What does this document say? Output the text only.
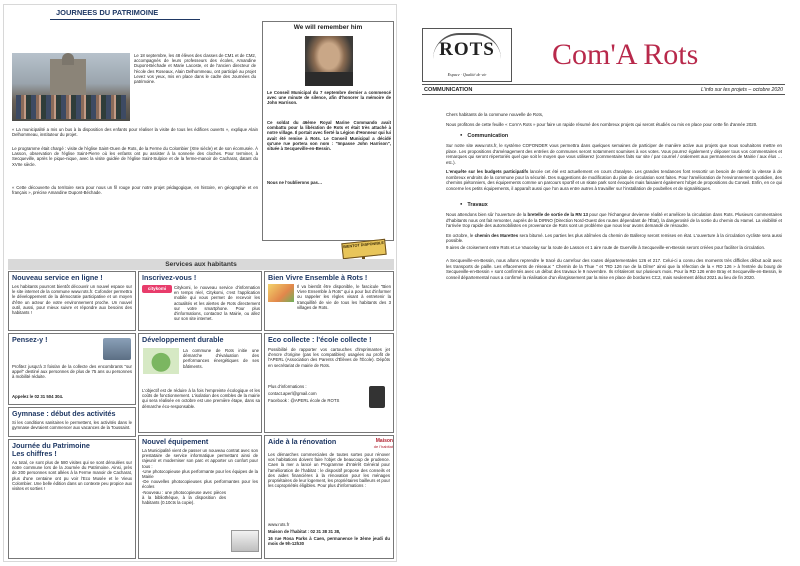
JOURNEES DU PATRIMOINE

Le 18 septembre, les 48 élèves des classes de CM1 et de CM2, accompagnés de leurs professeurs des écoles, Amandine Dupont-Béchade et Marie Lacoste, et de l'ancien directeur de l'école des Roseaux, Alain Delhommeau, ont participé au projet Levez vos yeux, mis en place dans le cadre des Journées du patrimoine.

« La municipalité a mis un bus à la disposition des enfants pour réaliser la visite de tous les édifices ouverts », explique Alain Delhommeau, instituteur du projet.

Le programme était chargé : visite de l'église Saint-Ouen de Rots, de la Ferme du Colombier (XIIe siècle) et de son écomusée. À Lasson, observation de l'église Saint-Pierre où les enfants ont pu assister à la sonnerie des cloches. Pour terminer, à Secqueville, après le pique-nique, avec la visite guidée de l'église Saint-Sulpice et de la ferme-manoir de Cacharat, datant du XVIIe siècle.

« Cette découverte du territoire sera pour nous un fil rouge pour notre projet pédagogique, en histoire, en géographie et en français », précise Amandine Dupont-Béchade.

We will remember him

Le Conseil Municipal du 7 septembre dernier a commencé avec une minute de silence, afin d'honorer la mémoire de John Harrison.

Ce soldat du 46ème Royal Marine Commando avait combattu pour la libération de Rots et était très attaché à notre village. Il portait avec fierté la Légion d'Honneur qui lui avait été remise à Rots. Le Conseil Municipal a décidé qu'une rue portera son nom : "Impasse John Harrison", située à Secqueville-en-Bessin.

Nous ne l'oublierons pas…

BIENTOT DISPONIBLE
Services aux habitants
Nouveau service en ligne !

Les habitants pourront bientôt découvrir un nouvel espace sur le site internet de la commune www.rots.fr. Cofonder permettra le développement de la démocratie participative et un moyen d'être un acteur de votre environnement proche. Un nouvel outil, aussi, pour mieux suivre et répondre aux besoins des habitants !

Inscrivez-vous !
citykomi	Citykomi, le nouveau service d'information en temps réel, Citykomi, c'est l'application mobile qui vous permet de recevoir les actualités et les alertes de Rots directement sur votre smartphone. Pour plus d'informations, contactez la Mairie, ou allez sur son site internet.

Bien Vivre Ensemble à Rots !

Il va bientôt être disponible, le fascicule "Bien Vivre Ensemble à Rots" qui a pour but d'informer ou rappeler les règles visant à entretenir la tranquillité de vie de tous les habitants des 3 villages de Rots.

Pensez-y !

Profitez jusqu'à 3 fois/an de la collecte des encombrants "sur appel" destiné aux personnes de plus de 75 ans ou personnes à mobilité réduite.

Appelez le 02 31 504 304.

Développement durable

La commune de Rots initie une démarche d'évaluation des performances énergétiques de ses bâtiments.

L'objectif est de réduire à la fois l'empreinte écologique et les coûts de fonctionnement. L'isolation des combles de la mairie qui sera réalisée en octobre est une première étape, dans sa démarche éco-responsable.

Eco collecte : l'école collecte !

Possibilité de rapporter vos cartouches d'imprimantes jet d'encre d'origine (pas les compatibles) usagées au profit de l'APERL (Association des Parents d'Élèves de l'École). Dépôts en secrétariat de mairie de Rots.

Plus d'informations :

contact.aperl@gmail.com

Facebook : @APERL école de ROTS

Gymnase : début des activités

Si les conditions sanitaires le permettent, les activités dans le gymnase devraient commencer aux vacances de la Toussaint.

Journée du Patrimoine
Les chiffres !

Au total, ce sont plus de 580 visites qui se sont déroulées sur notre commune lors de la Journée du Patrimoine. Ainsi, près de 200 personnes sont allées à la Ferme manoir de Cacharat, plus d'une centaine ont pu voir l'Eco Musée et le Vieux Colombier. Une belle édition dans un contexte peu propice aux visites et sorties !

Nouvel équipement

La Municipalité vient de passer un nouveau contrat avec son prestataire de service informatique permettant ainsi de rajeunir et moderniser son parc et apporter un confort pour tous :

-Une photocopieuse plus performante pour les équipes de la Mairie

-De nouvelles photocopieuses plus performantes pour les écoles

-Nouveau : une photocopieuse avec pièces à la bibliothèque, à la disposition des habitants (0.10cts la copie).

Aide à la rénovation	Maison
de l'habitat

Les démarches commerciales de toutes sortes pour rénover vos habitations doivent faire l'objet de beaucoup de prudence. Caen la mer a lancé un Programme d'Intérêt Général pour l'amélioration de l'habitat : le dispositif propose des conseils et des aides financières à la rénovation pour les ménages propriétaires de leur logement, les propriétaires bailleurs et pour les copropriétés éligibles. Pour plus d'informations :

www.rots.fr

Maison de l'habitat : 02 31 38 31 38,

16 rue Rosa Parks à Caen, permanence le 3ème jeudi du mois de 9h-12h30

ROTS
Espace · Qualité de vie
Com'A Rots
COMMUNICATION	L'info sur les projets – octobre 2020

Chers habitants de la commune nouvelle de Rots,

Nous profitons de cette feuille « Com'A Rots » pour faire un rapide résumé des nombreux projets qui seront étudiés ou mis en place pour cette fin d'année 2020.

● Communication

Sur notre site www.rots.fr, le système COFONDER vous permettra dans quelques semaines de participer de manière active aux projets que nous souhaitons mettre en place. Les propositions d'aménagement des entrées de communes seront notamment soumises à vos votes. Vous pourrez également y déposer tous vos commentaires et remarques qui seront répertoriés quel que soit le moyen que vous utiliserez (commentaires faits sur site / par courriel / oralement aux permanences de Mairie / aux élus …etc.).

L'enquête sur les budgets participatifs lancée cet été est actuellement en cours d'analyse. Les grandes tendances font ressortir un besoin de ralentir la vitesse à de nombreux endroits de la commune pour la sécurité. Des suggestions de modification du plan de circulation sont faites. Pour l'amélioration de l'environnement quotidien, des chemins piétonniers, des équipements comme un parcours sportif et un skate park sont évoqués mais faisaient également l'objet de propositions du Conseil. Enfin, en ce qui concerne les petits équipements, il apparaît aussi que l'on aura entre autres à travailler sur l'installation de poubelles et de signalétiques.

● Travaux

Nous attendons bien sûr l'ouverture de la bretelle de sortie de la RN 13 pour que l'échangeur devienne réalité et améliore la circulation dans Rots. Plusieurs commentaires d'habitants nous ont fait remonter, auprès de la DIRNO (Direction Nord-Ouest des routes dépendant de l'État), la dangerosité de la sortie du chemin du Hamel. La visibilité et l'arrivée trop rapide des automobilistes en provenance de Rots sont un problème que nous leur avons demandé de résoudre.

En octobre, le chemin des Marettes sera bitumé. Les parties les plus abîmées du chemin de Balleroy seront remises en état. L'ouverture à la circulation cycliste sera aussi possible.

9 aires de croisement entre Rots et Le Vaucelay sur la route de Lasson et 1 aire route de Guerville à Secqueville-en-Bessin seront créées pour faciliter la circulation.

A Secqueville-en-Bessin, nous allons reprendre le tracé du carrefour des routes départementales 126 et 217. Celui-ci a connu des moments très difficiles début août avec les transports de paille. Les effacements de réseaux " Chemin de la Thue " et "RD 126 rue de la Dîme" ainsi que la réfection de la « RD 126 » à l'entrée du bourg de Secqueville-en-Bessin » sont confirmés avec un début des travaux le 9 novembre. Ils s'étaleront sur plusieurs mois. Pour la RD 126 entre Bray et Secqueville-en-Bessin, le conseil départemental nous a confirmé la réalisation d'un élargissement par la mise en place de bordures CC2, mais seulement début 2021 au lieu de fin 2020.
